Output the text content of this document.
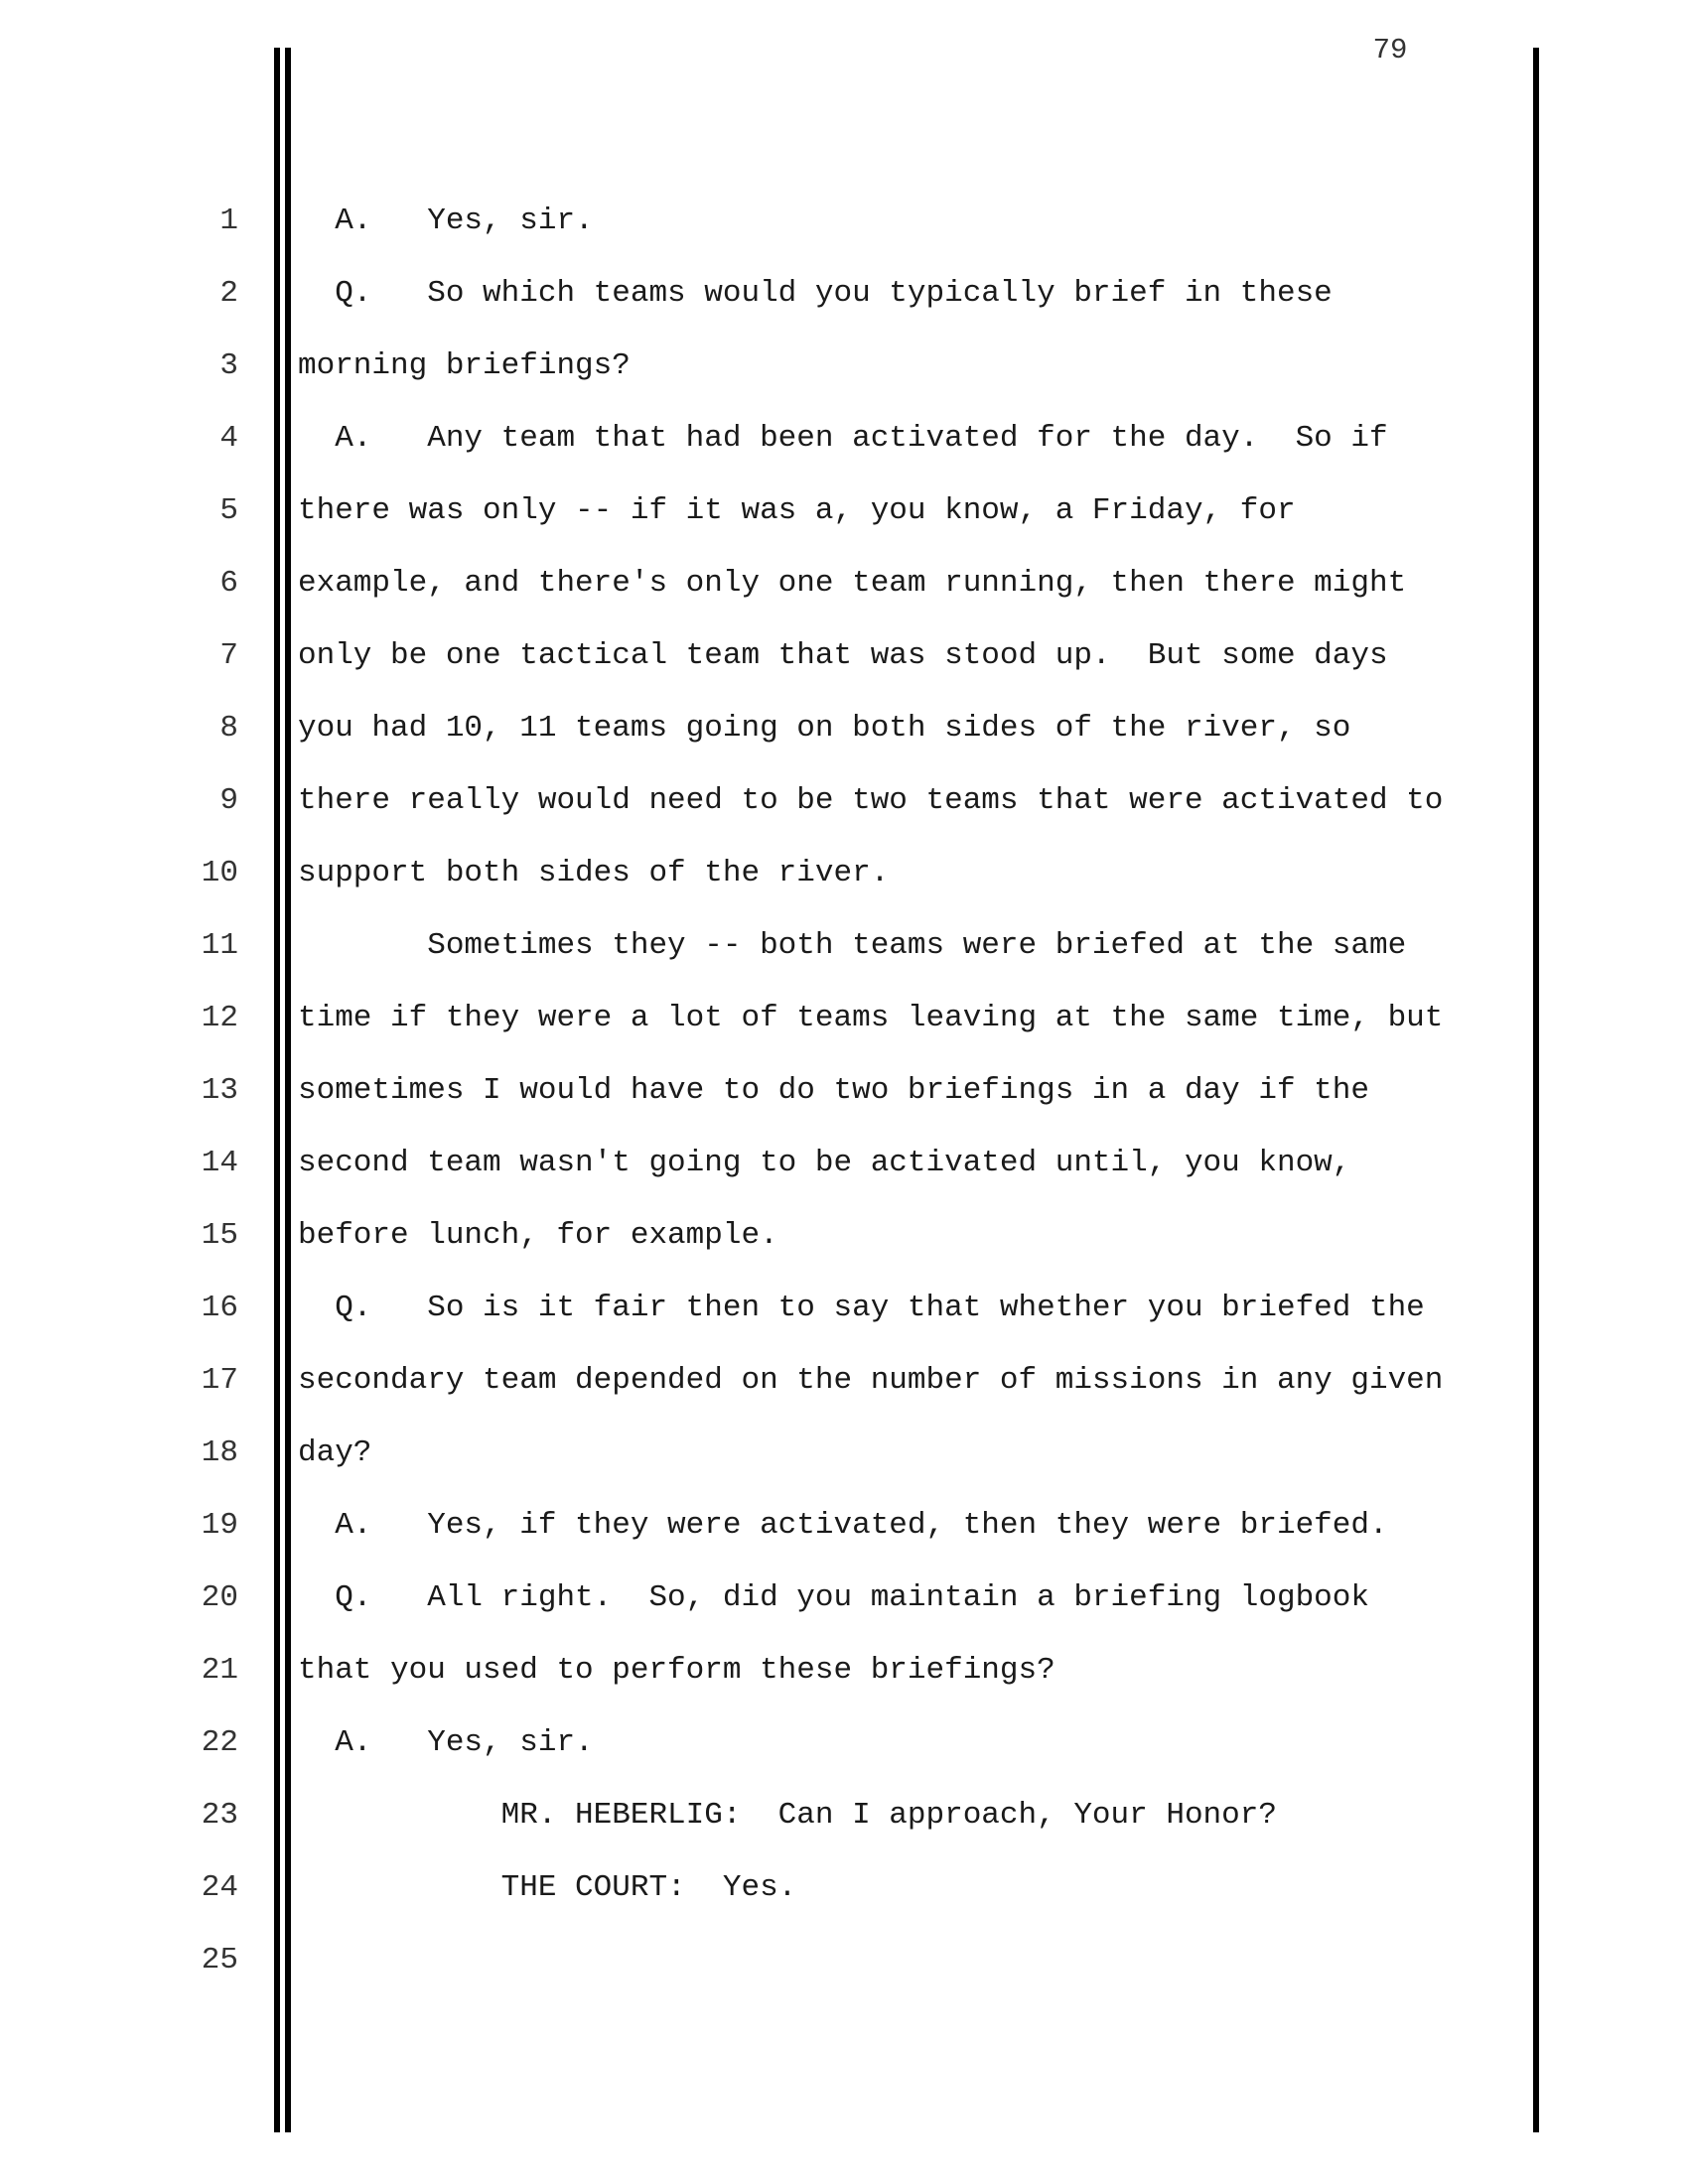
79
1 A.   Yes, sir.
2 Q.   So which teams would you typically brief in these
3 morning briefings?
4 A.   Any team that had been activated for the day.  So if
5 there was only -- if it was a, you know, a Friday, for
6 example, and there's only one team running, then there might
7 only be one tactical team that was stood up.  But some days
8 you had 10, 11 teams going on both sides of the river, so
9 there really would need to be two teams that were activated to
10 support both sides of the river.
11 Sometimes they -- both teams were briefed at the same
12 time if they were a lot of teams leaving at the same time, but
13 sometimes I would have to do two briefings in a day if the
14 second team wasn't going to be activated until, you know,
15 before lunch, for example.
16 Q.   So is it fair then to say that whether you briefed the
17 secondary team depended on the number of missions in any given
18 day?
19 A.   Yes, if they were activated, then they were briefed.
20 Q.   All right.  So, did you maintain a briefing logbook
21 that you used to perform these briefings?
22 A.   Yes, sir.
23 MR. HEBERLIG:  Can I approach, Your Honor?
24 THE COURT:  Yes.
25
